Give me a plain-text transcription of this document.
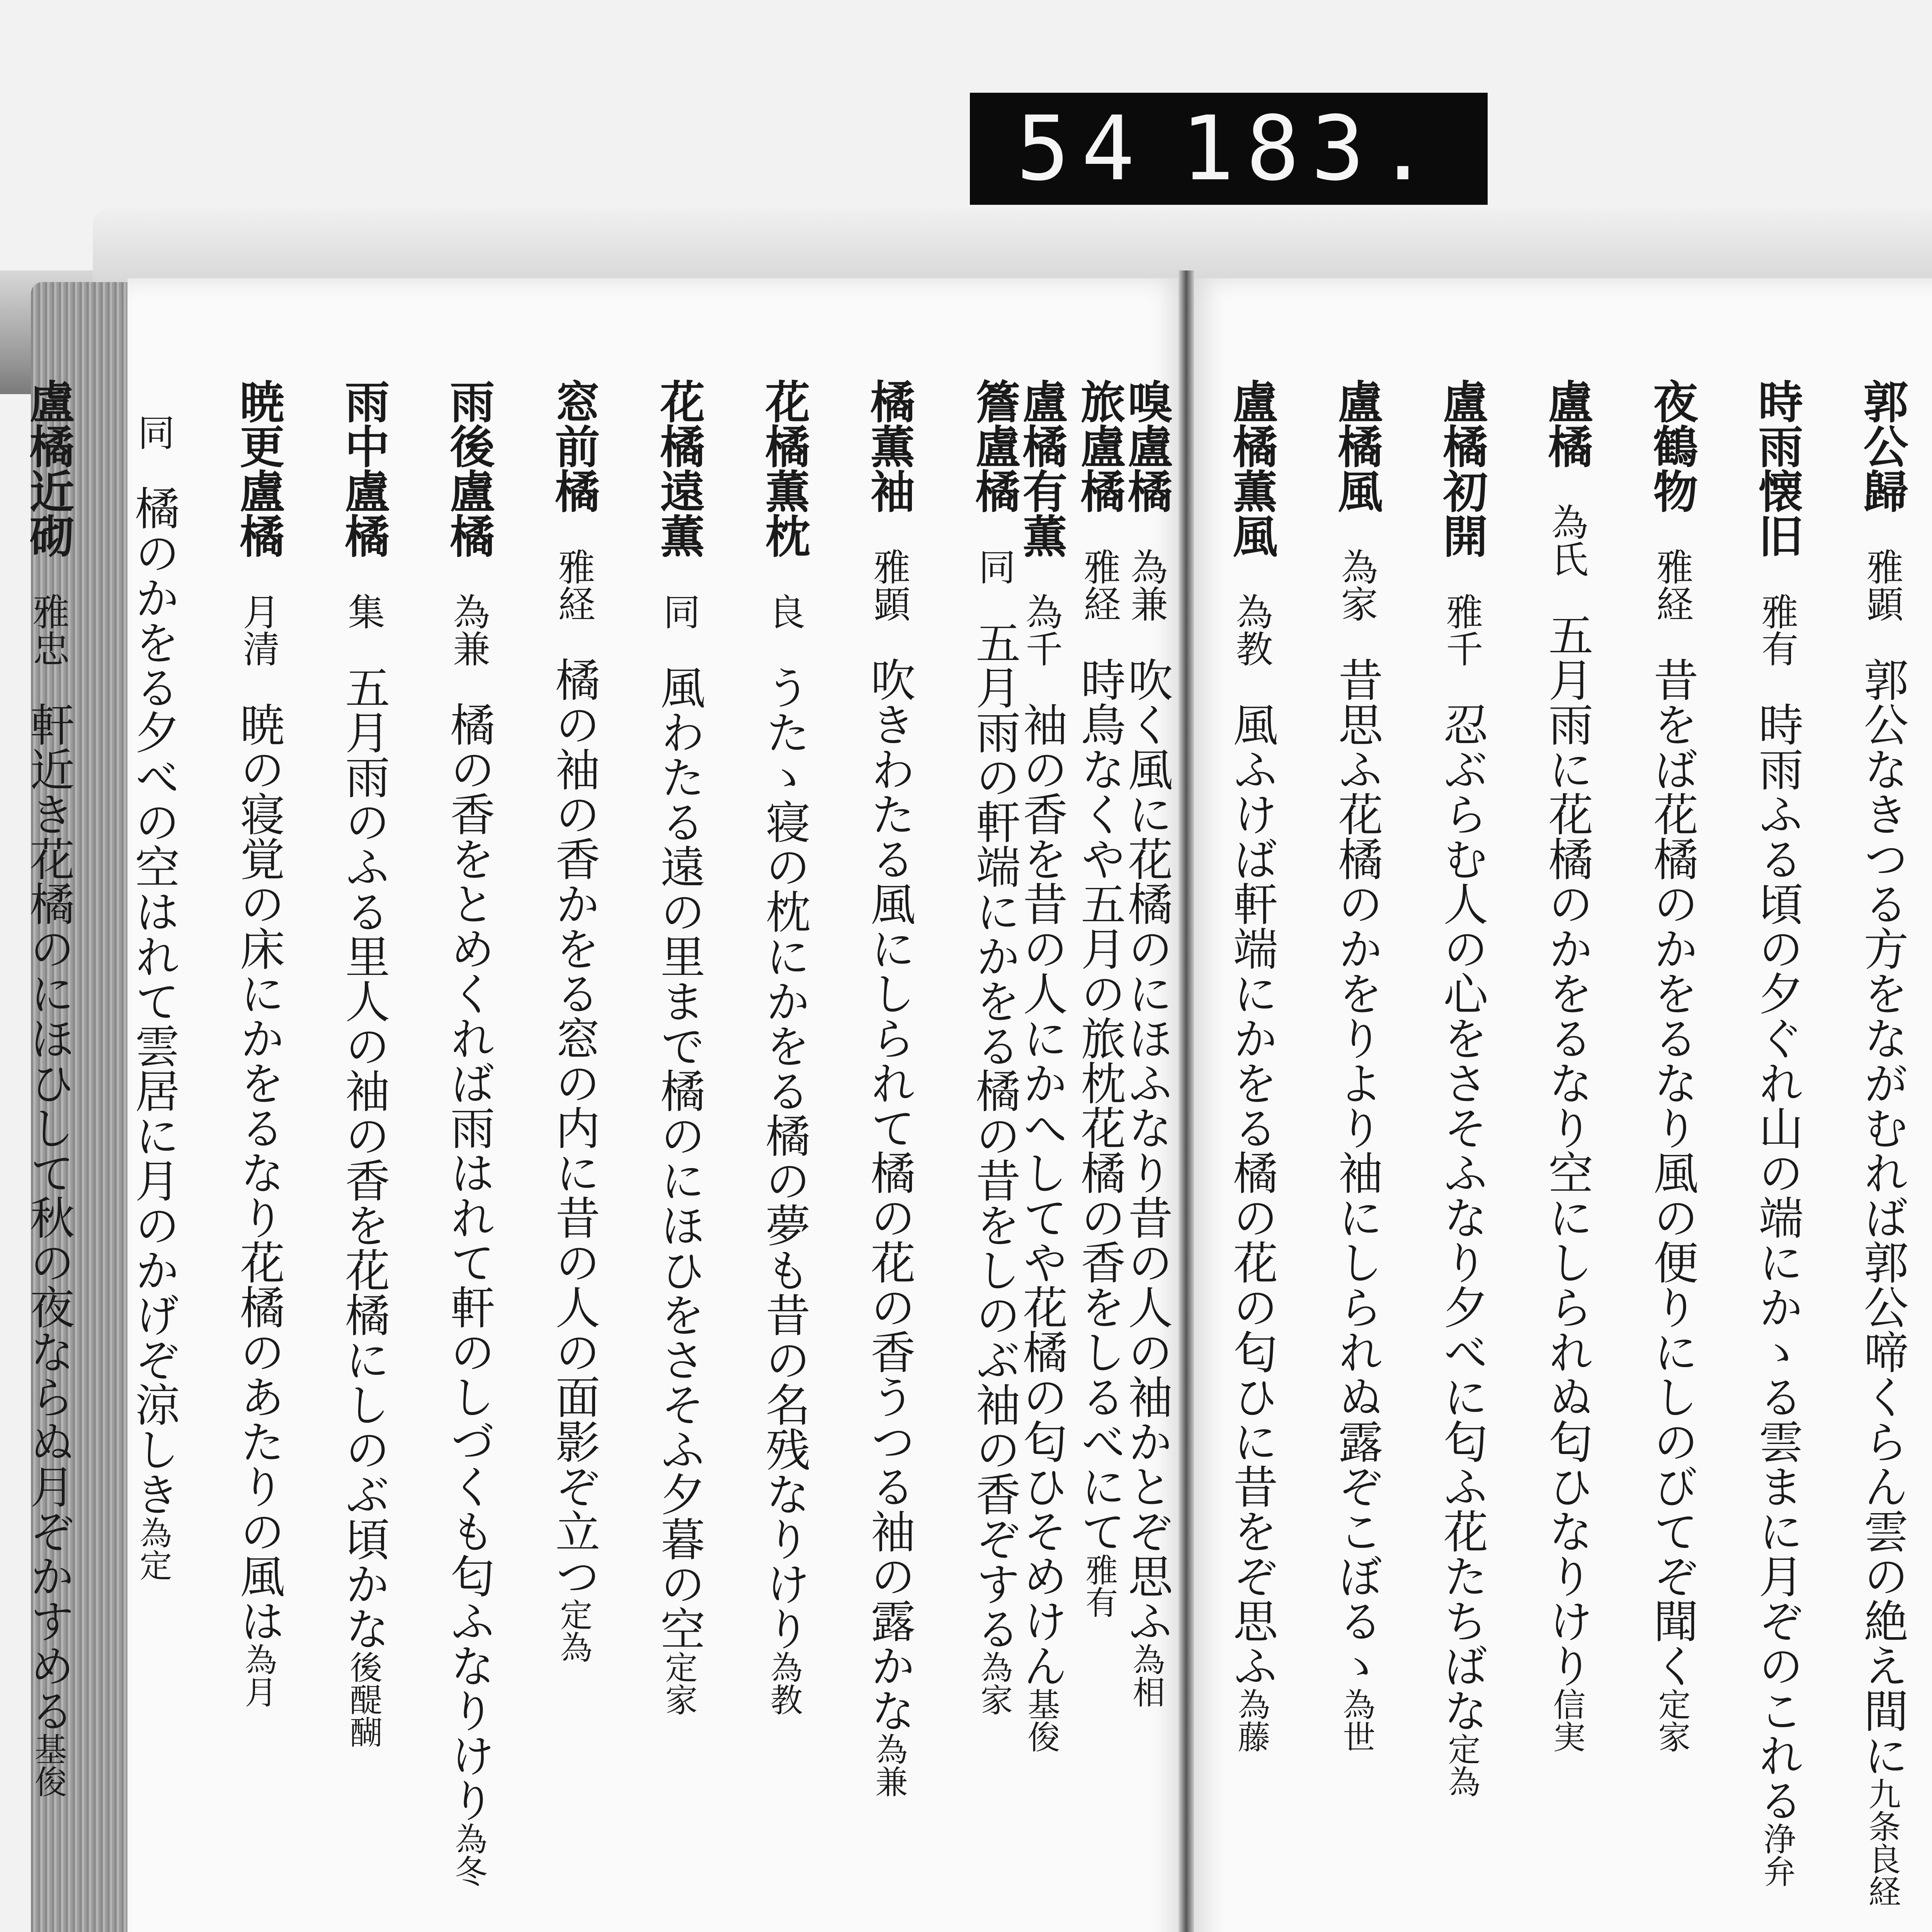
54 183.
旅盧橘雅経時鳥なくや五月の旅枕花橘の香をしるべにて雅有
簷盧橘同五月雨の軒端にかをる橘の昔をしのぶ袖の香ぞする為家
橘薫袖雅顕吹きわたる風にしられて橘の花の香うつる袖の露かな為兼
花橘薫枕良うたゝ寝の枕にかをる橘の夢も昔の名残なりけり為教
花橘遠薫同風わたる遠の里まで橘のにほひをさそふ夕暮の空定家
窓前橘雅経橘の袖の香かをる窓の内に昔の人の面影ぞ立つ定為
雨後盧橘為兼橘の香をとめくれば雨はれて軒のしづくも匂ふなりけり為冬
雨中盧橘集五月雨のふる里人の袖の香を花橘にしのぶ頃かな後醍醐
暁更盧橘月清暁の寝覚の床にかをるなり花橘のあたりの風は為月
同橘のかをる夕べの空はれて雲居に月のかげぞ涼しき為定
盧橘近砌雅忠軒近き花橘のにほひして秋の夜ならぬ月ぞかすめる基俊
郭公歸雅顕郭公なきつる方をながむれば郭公啼くらん雲の絶え間に九条良経
時雨懐旧雅有時雨ふる頃の夕ぐれ山の端にかゝる雲まに月ぞのこれる浄弁
夜鶴物雅経昔をば花橘のかをるなり風の便りにしのびてぞ聞く定家
盧橘為氏五月雨に花橘のかをるなり空にしられぬ匂ひなりけり信実
盧橘初開雅千忍ぶらむ人の心をさそふなり夕べに匂ふ花たちばな定為
盧橘風為家昔思ふ花橘のかをりより袖にしられぬ露ぞこぼるゝ為世
盧橘薫風為教風ふけば軒端にかをる橘の花の匂ひに昔をぞ思ふ為藤
嗅盧橘為兼吹く風に花橘のにほふなり昔の人の袖かとぞ思ふ為相
盧橘有薫為千袖の香を昔の人にかへしてや花橘の匂ひそめけん基俊
